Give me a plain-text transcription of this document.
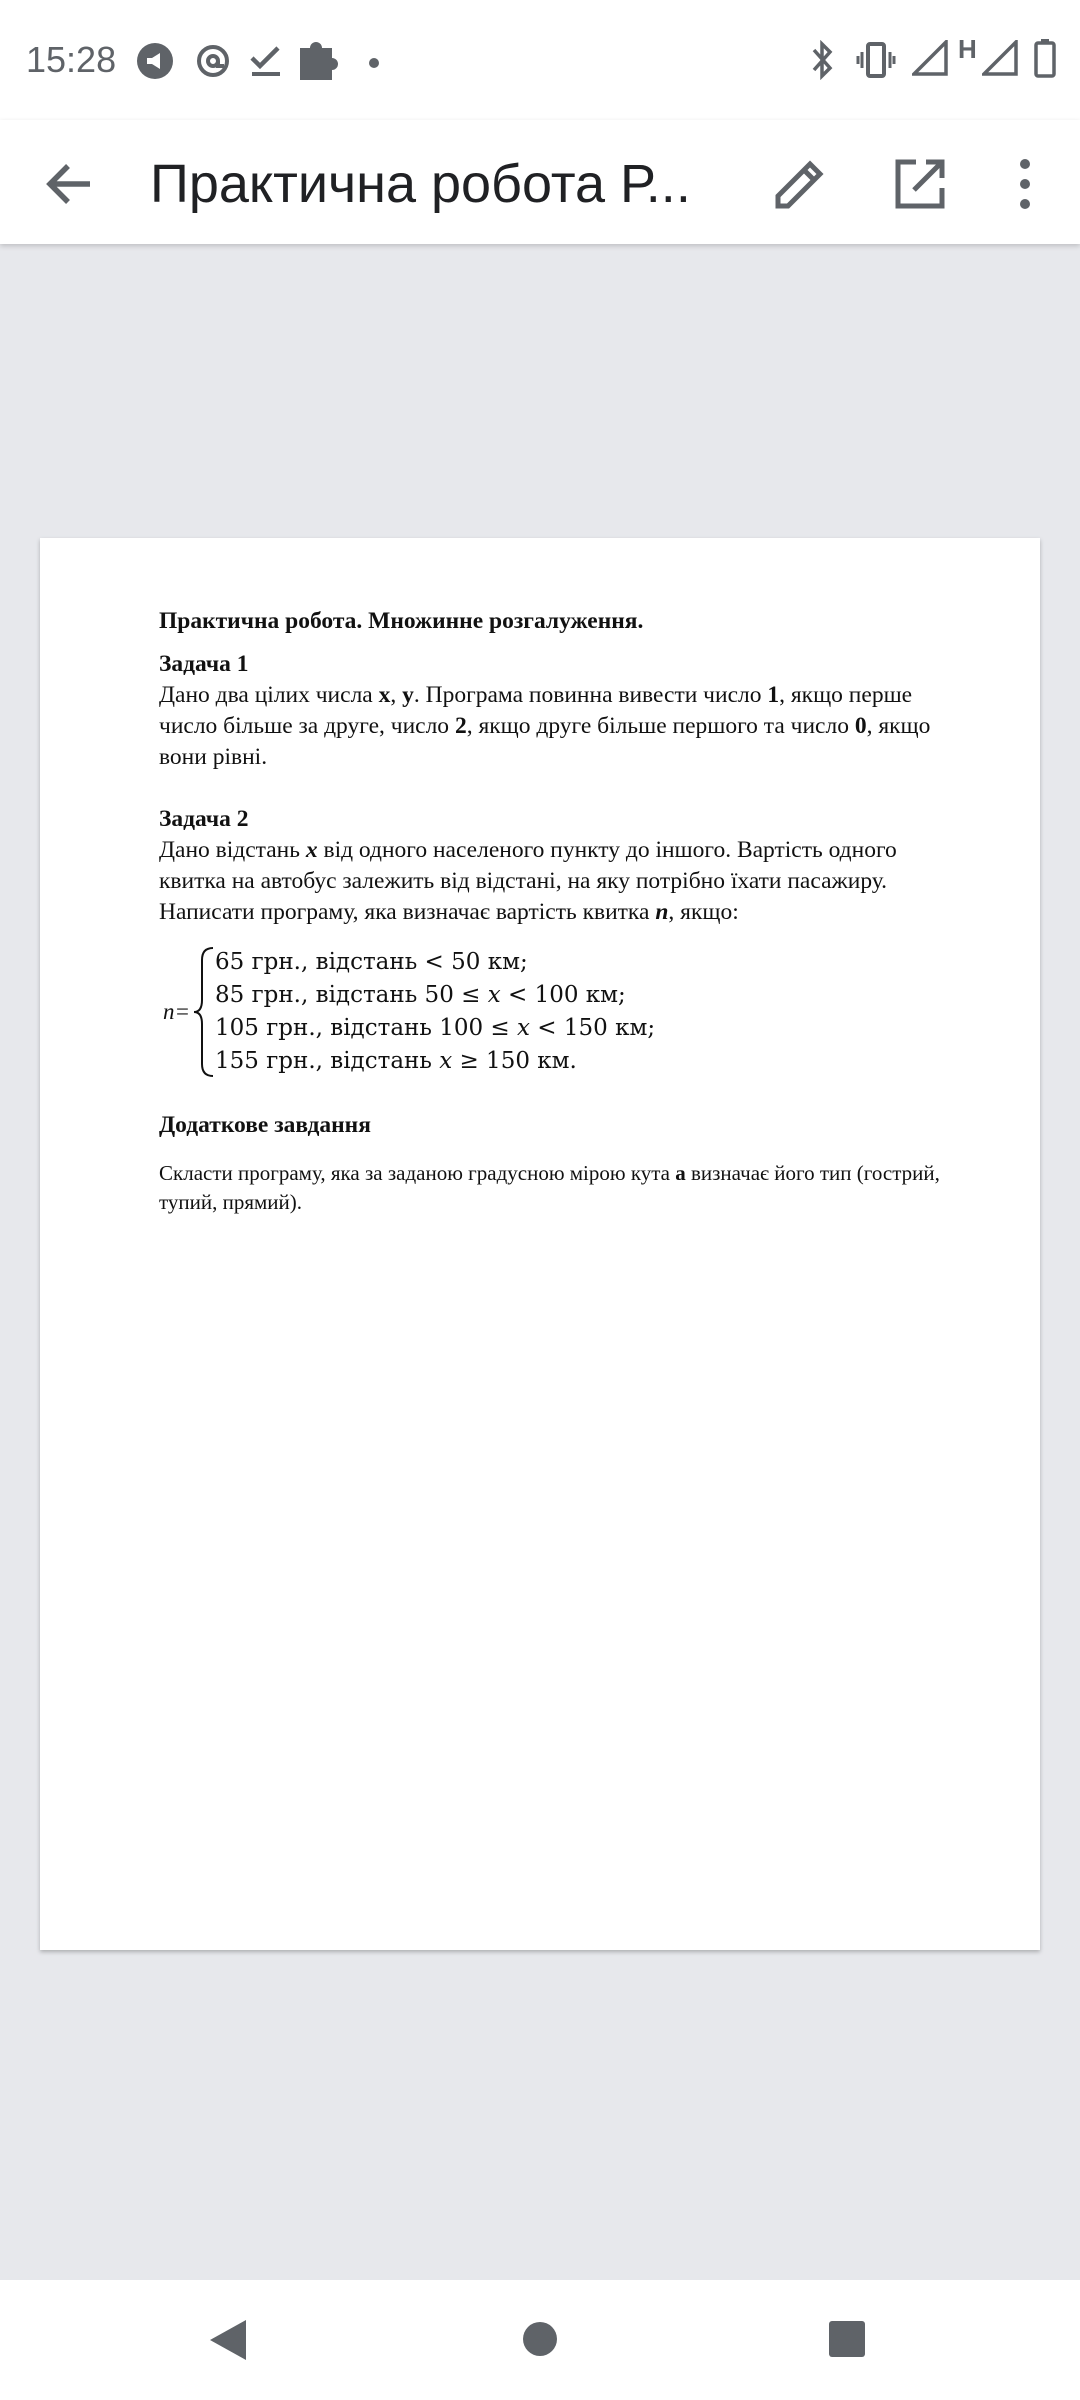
15:28	H
Практична робота Р...

Практична робота. Множинне розгалуження.

Задача 1

Дано два цілих числа х, у. Програма повинна вивести число 1, якщо перше число більше за друге, число 2, якщо друге більше першого та число 0, якщо вони рівні.

Задача 2

Дано відстань x від одного населеного пункту до іншого. Вартість одного квитка на автобус залежить від відстані, на яку потрібно їхати пасажиру. Написати програму, яка визначає вартість квитка n, якщо:

n=
65 грн., відстань < 50 км;
85 грн., відстань 50 ≤ 𝑥 < 100 км;
105 грн., відстань 100 ≤ 𝑥 < 150 км;
155 грн., відстань 𝑥 ≥ 150 км.

Додаткове завдання

Скласти програму, яка за заданою градусною мірою кута а визначає його тип (гострий, тупий, прямий).
